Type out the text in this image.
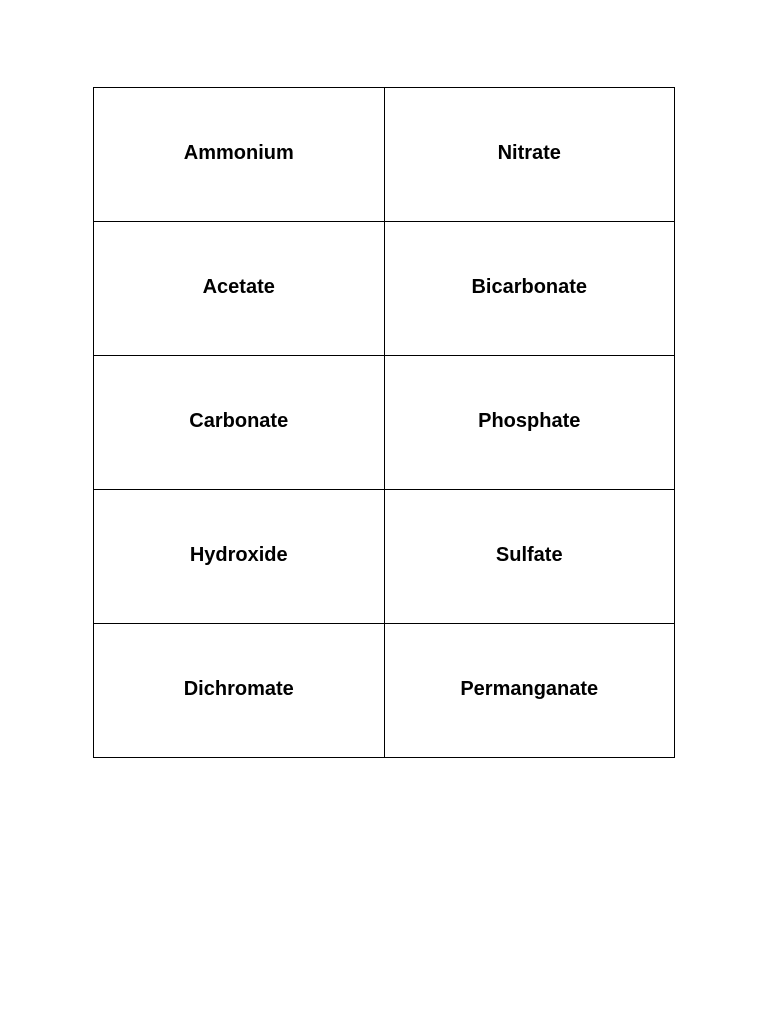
Ammonium	Nitrate
Acetate	Bicarbonate
Carbonate	Phosphate
Hydroxide	Sulfate
Dichromate	Permanganate
